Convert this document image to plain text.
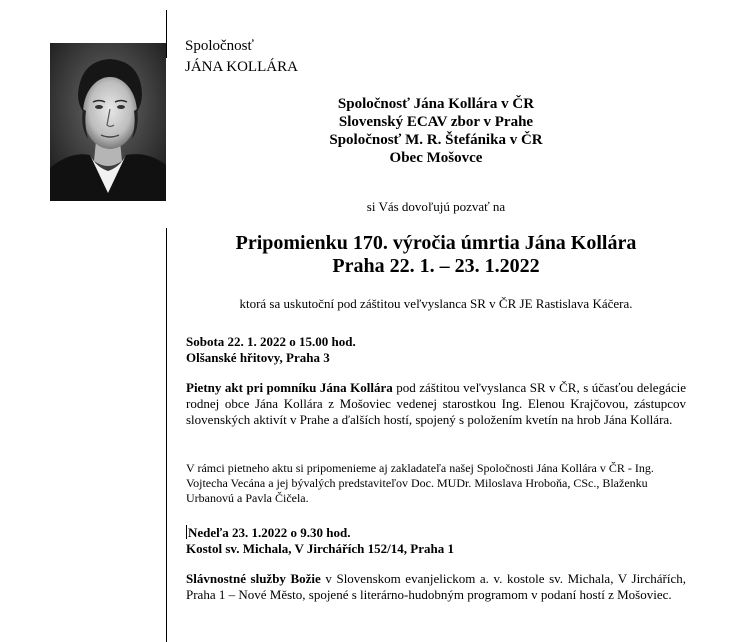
Spoločnosť
JÁNA KOLLÁRA
Spoločnosť Jána Kollára v ČR
Slovenský ECAV zbor v Prahe
Spoločnosť M. R. Štefánika v ČR
Obec Mošovce
si Vás dovoľujú pozvať na
Pripomienku 170. výročia úmrtia Jána Kollára
Praha 22. 1. – 23. 1.2022
ktorá sa uskutoční pod záštitou veľvyslanca SR v ČR JE Rastislava Káčera.
Sobota 22. 1. 2022 o 15.00 hod.
Olšanské hřitovy, Praha 3
Pietny akt pri pomníku Jána Kollára pod záštitou veľvyslanca SR v ČR, s účasťou delegácie rodnej obce Jána Kollára z Mošoviec vedenej starostkou Ing. Elenou Krajčovou, zástupcov slovenských aktivít v Prahe a ďalších hostí, spojený s položením kvetín na hrob Jána Kollára.
V rámci pietneho aktu si pripomenieme aj zakladateľa našej Spoločnosti Jána Kollára v ČR - Ing. Vojtecha Vecána a jej bývalých predstaviteľov Doc. MUDr. Miloslava Hroboňa, CSc., Blaženku Urbanovú a Pavla Čičela.
Nedeľa 23. 1.2022 o 9.30 hod.
Kostol sv. Michala, V Jirchářích 152/14, Praha 1
Slávnostné služby Božie v Slovenskom evanjelickom a. v. kostole sv. Michala, V Jirchářích, Praha 1 – Nové Město, spojené s literárno-hudobným programom v podaní hostí z Mošoviec.
